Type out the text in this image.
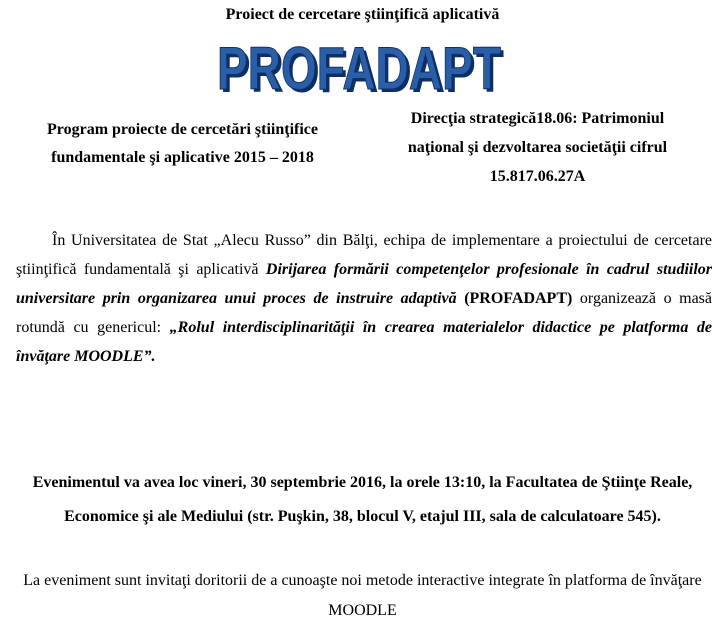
Proiect de cercetare ştiinţifică aplicativă
PROFADAPT
PROFADAPT
Program proiecte de cercetări ştiinţifice
fundamentale şi aplicative 2015 – 2018
Direcţia strategică18.06: Patrimoniul
naţional şi dezvoltarea societăţii cifrul
15.817.06.27A
În Universitatea de Stat „Alecu Russo” din Bălţi, echipa de implementare a proiectului de cercetare ştiinţifică fundamentală şi aplicativă Dirijarea formării competenţelor profesionale în cadrul studiilor universitare prin organizarea unui proces de instruire adaptivă (PROFADAPT) organizează o masă rotundă cu genericul: „Rolul interdisciplinarităţii în crearea materialelor didactice pe platforma de învăţare MOODLE”.
Evenimentul va avea loc vineri, 30 septembrie 2016, la orele 13:10, la Facultatea de Ştiinţe Reale, Economice şi ale Mediului (str. Puşkin, 38, blocul V, etajul III, sala de calculatoare 545).
La eveniment sunt invitaţi doritorii de a cunoaşte noi metode interactive integrate în platforma de învăţare MOODLE
